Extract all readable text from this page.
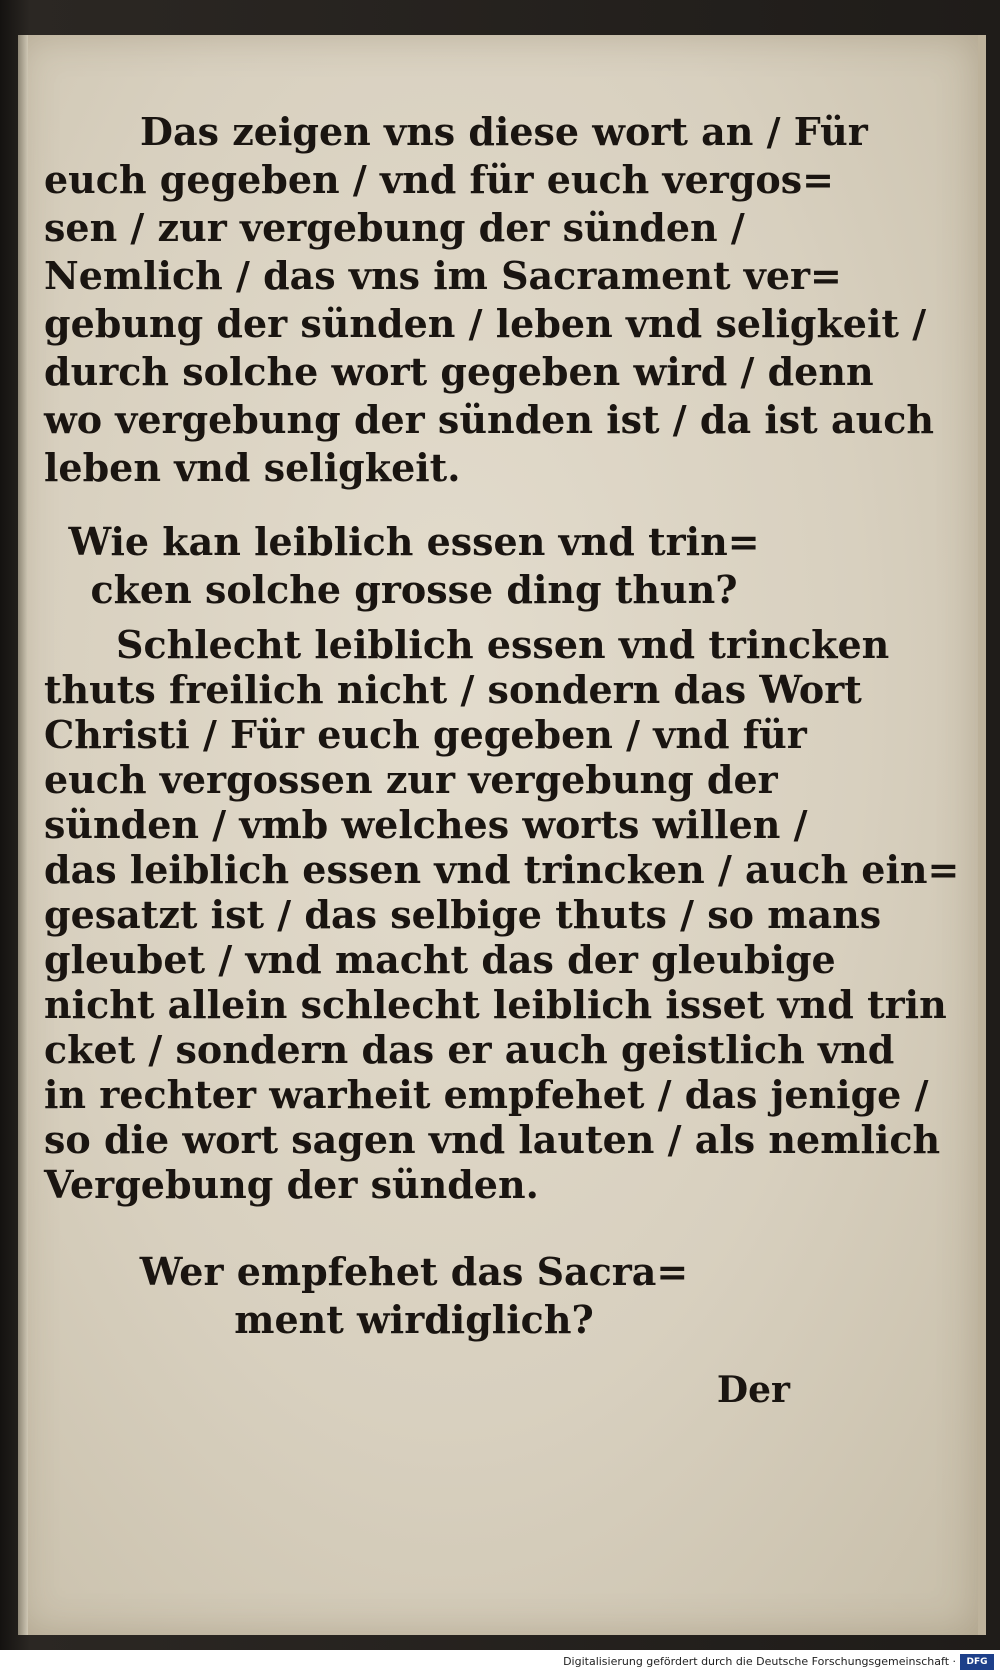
Das zeigen vns diese wort an / Für
euch gegeben / vnd für euch vergos=
sen / zur vergebung der sünden /
Nemlich / das vns im Sacrament ver=
gebung der sünden / leben vnd seligkeit /
durch solche wort gegeben wird / denn
wo vergebung der sünden ist / da ist auch
leben vnd seligkeit.
Wie kan leiblich essen vnd trin=
cken solche grosse ding thun?
Schlecht leiblich essen vnd trincken
thuts freilich nicht / sondern das Wort
Christi / Für euch gegeben / vnd für
euch vergossen zur vergebung der
sünden / vmb welches worts willen /
das leiblich essen vnd trincken / auch ein=
gesatzt ist / das selbige thuts / so mans
gleubet / vnd macht das der gleubige
nicht allein schlecht leiblich isset vnd trin
cket / sondern das er auch geistlich vnd
in rechter warheit empfehet / das jenige /
so die wort sagen vnd lauten / als nemlich
Vergebung der sünden.
Wer empfehet das Sacra=
ment wirdiglich?
Der
Digitalisierung gefördert durch die Deutsche Forschungsgemeinschaft ·	DFG
